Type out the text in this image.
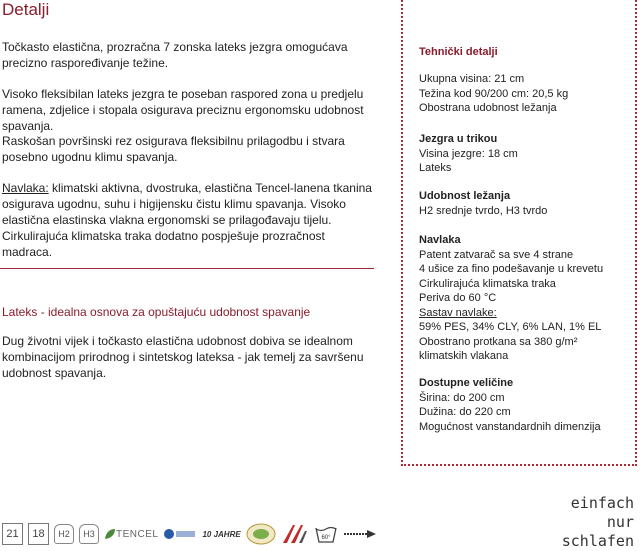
Detalji

Točkasto elastična, prozračna 7 zonska lateks jezgra omogućava precizno raspoređivanje težine.

Visoko fleksibilan lateks jezgra te poseban raspored zona u predjelu ramena, zdjelice i stopala osigurava preciznu ergonomsku udobnost spavanja.

Raskošan površinski rez osigurava fleksibilnu prilagodbu i stvara posebno ugodnu klimu spavanja.

Navlaka: klimatski aktivna, dvostruka, elastična Tencel-lanena tkanina osigurava ugodnu, suhu i higijensku čistu klimu spavanja. Visoko elastična elastinska vlakna ergonomski se prilagođavaju tijelu. Cirkulirajuća klimatska traka dodatno pospješuje prozračnost madraca.

Lateks - idealna osnova za opuštajuću udobnost spavanje

Dug životni vijek i točkasto elastična udobnost dobiva se idealnom kombinacijom prirodnog i sintetskog lateksa - jak temelj za savršenu udobnost spavanja.

Tehnički detalji
Ukupna visina: 21 cm
Težina kod 90/200 cm: 20,5 kg
Obostrana udobnost ležanja
Jezgra u trikou
Visina jezgre: 18 cm
Lateks
Udobnost ležanja
H2 srednje tvrdo, H3 tvrdo
Navlaka
Patent zatvarač sa sve 4 strane
4 ušice za fino podešavanje u krevetu
Cirkulirajuća klimatska traka
Periva do 60 °C
Sastav navlake:
59% PES, 34% CLY, 6% LAN, 1% EL
Obostrano protkana sa 380 g/m²
klimatskih vlakana
Dostupne veličine
Širina: do 200 cm
Dužina: do 220 cm
Mogućnost vanstandardnih dimenzija
einfach
nur
schlafen
21	18	H2	H3	TENCEL	10 JAHRE	60°
